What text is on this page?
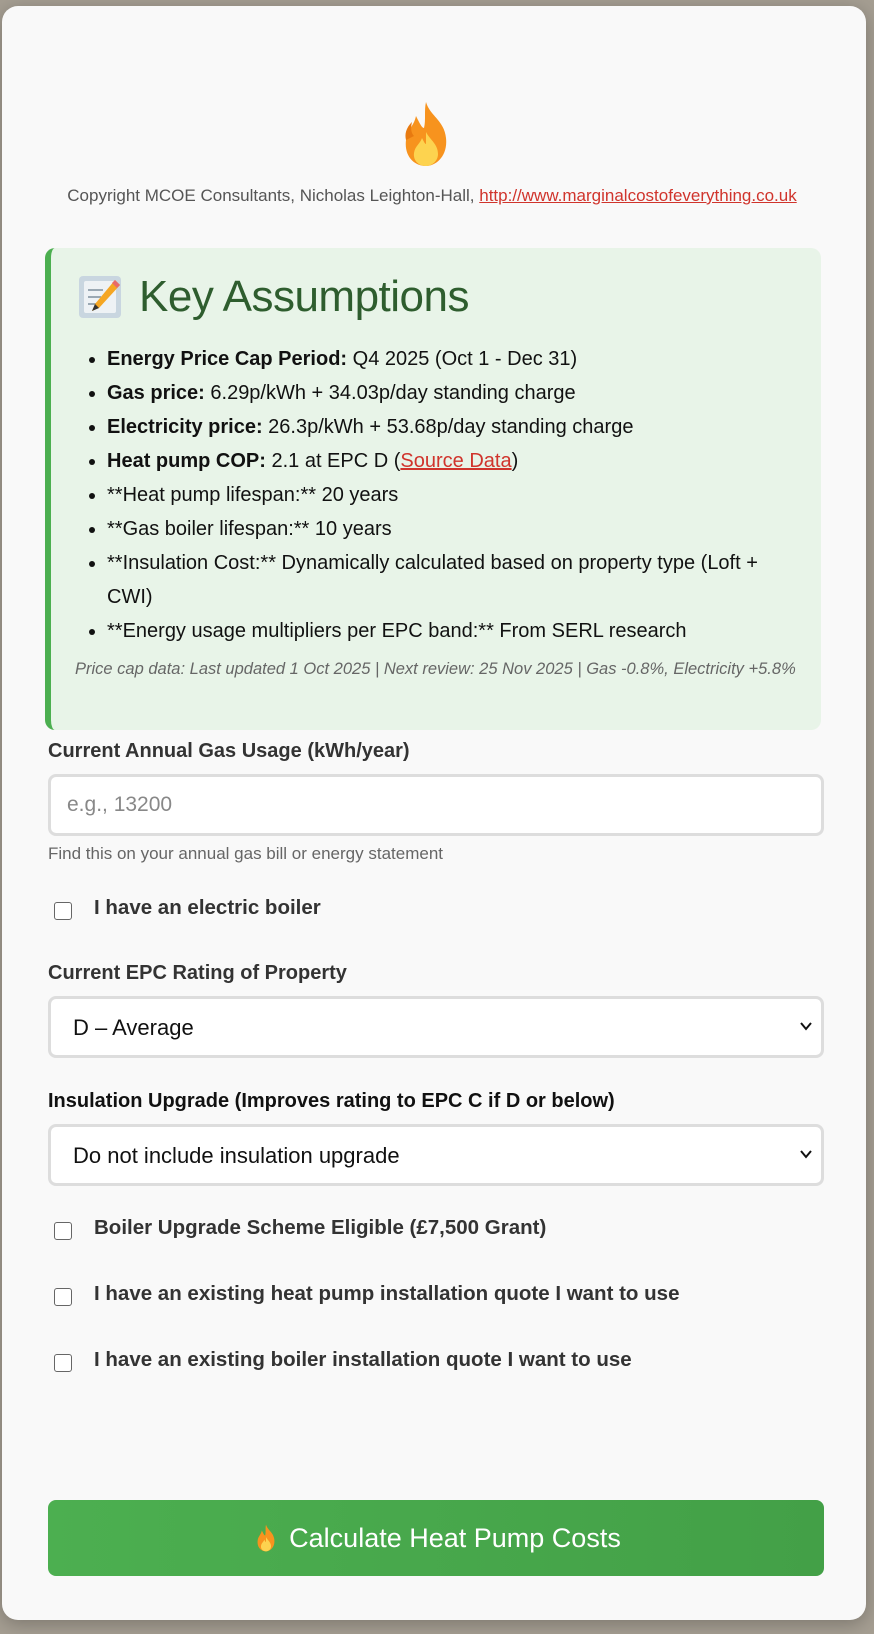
Copyright MCOE Consultants, Nicholas Leighton-Hall, http://www.marginalcostofeverything.co.uk
Key Assumptions
• Energy Price Cap Period: Q4 2025 (Oct 1 - Dec 31)
• Gas price: 6.29p/kWh + 34.03p/day standing charge
• Electricity price: 26.3p/kWh + 53.68p/day standing charge
• Heat pump COP: 2.1 at EPC D (Source Data)
• **Heat pump lifespan:** 20 years
• **Gas boiler lifespan:** 10 years
• **Insulation Cost:** Dynamically calculated based on property type (Loft + CWI)
• **Energy usage multipliers per EPC band:** From SERL research
Price cap data: Last updated 1 Oct 2025 | Next review: 25 Nov 2025 | Gas -0.8%, Electricity +5.8%
Current Annual Gas Usage (kWh/year)
e.g., 13200
Find this on your annual gas bill or energy statement
I have an electric boiler
Current EPC Rating of Property
D – Average
Insulation Upgrade (Improves rating to EPC C if D or below)
Do not include insulation upgrade
Boiler Upgrade Scheme Eligible (£7,500 Grant)
I have an existing heat pump installation quote I want to use
I have an existing boiler installation quote I want to use
Calculate Heat Pump Costs
